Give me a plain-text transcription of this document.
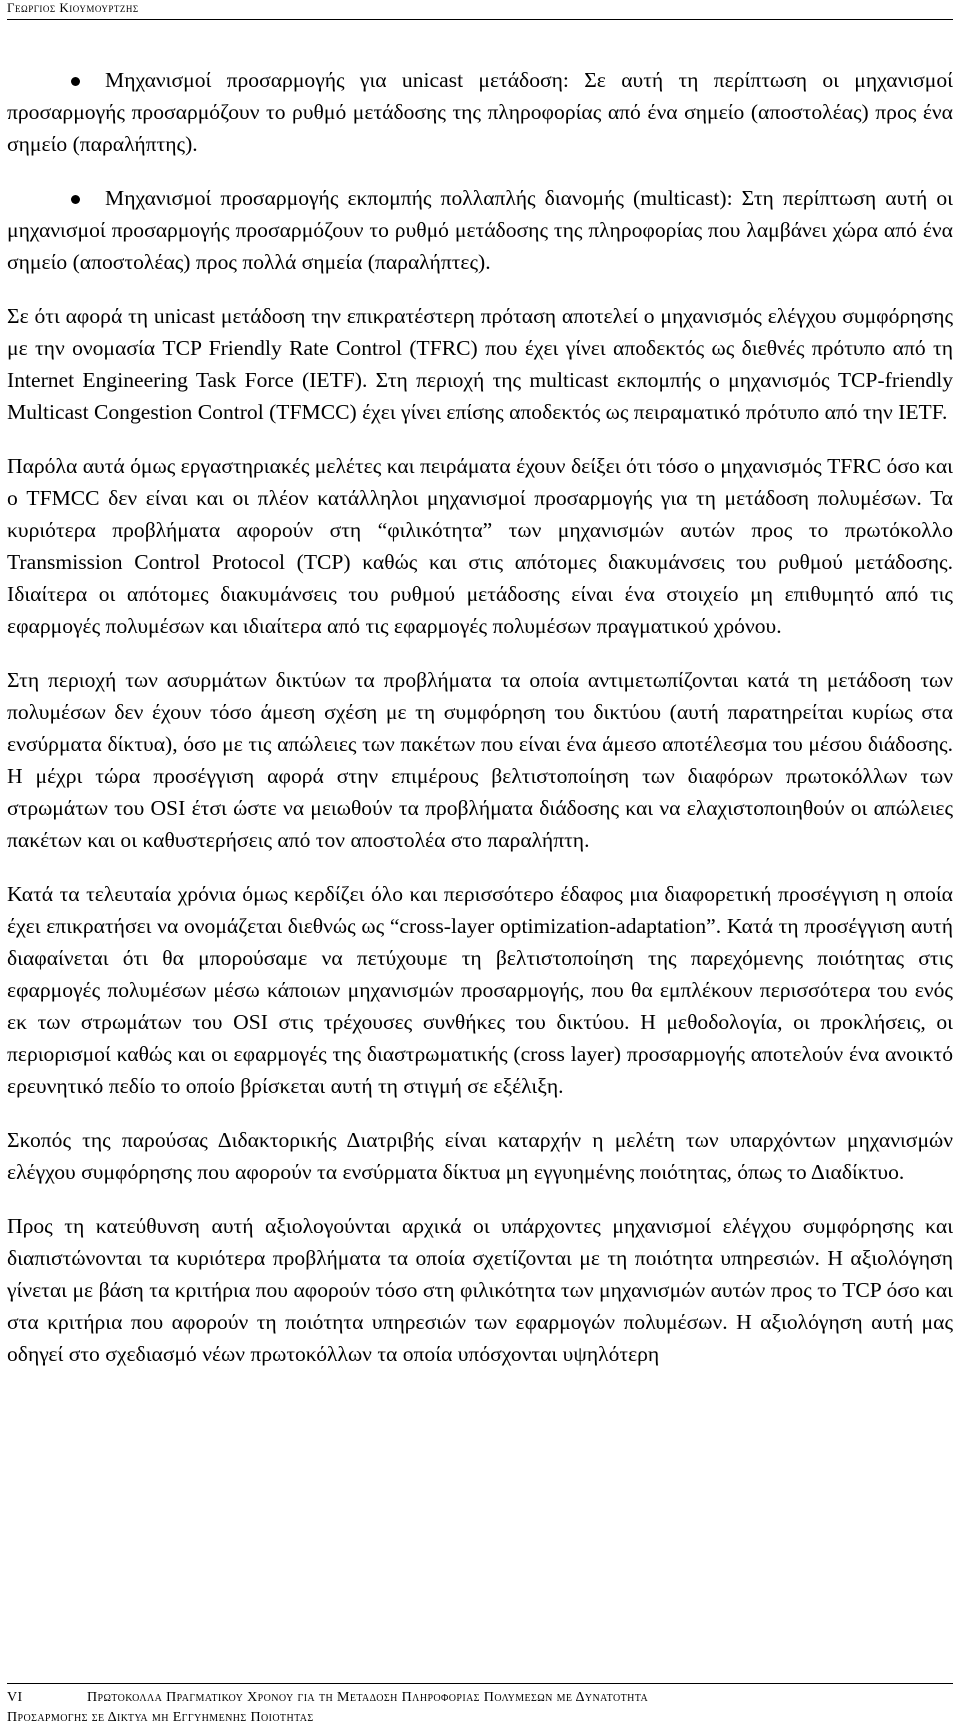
Γεωργιος Κιουμουρτζης

Μηχανισμοί προσαρμογής για unicast μετάδοση: Σε αυτή τη περίπτωση οι μηχανισμοί προσαρμογής προσαρμόζουν το ρυθμό μετάδοσης της πληροφορίας από ένα σημείο (αποστολέας) προς ένα σημείο (παραλήπτης).

Μηχανισμοί προσαρμογής εκπομπής πολλαπλής διανομής (multicast): Στη περίπτωση αυτή οι μηχανισμοί προσαρμογής προσαρμόζουν το ρυθμό μετάδοσης της πληροφορίας που λαμβάνει χώρα από ένα σημείο (αποστολέας) προς πολλά σημεία (παραλήπτες).

Σε ότι αφορά τη unicast μετάδοση την επικρατέστερη πρόταση αποτελεί ο μηχανισμός ελέγχου συμφόρησης με την ονομασία TCP Friendly Rate Control (TFRC) που έχει γίνει αποδεκτός ως διεθνές πρότυπο από τη Internet Engineering Task Force (IETF). Στη περιοχή της multicast εκπομπής ο μηχανισμός TCP-friendly Multicast Congestion Control (TFMCC) έχει γίνει επίσης αποδεκτός ως πειραματικό πρότυπο από την IETF.

Παρόλα αυτά όμως εργαστηριακές μελέτες και πειράματα έχουν δείξει ότι τόσο ο μηχανισμός TFRC όσο και ο TFMCC δεν είναι και οι πλέον κατάλληλοι μηχανισμοί προσαρμογής για τη μετάδοση πολυμέσων. Τα κυριότερα προβλήματα αφορούν στη “φιλικότητα” των μηχανισμών αυτών προς το πρωτόκολλο Transmission Control Protocol (TCP) καθώς και στις απότομες διακυμάνσεις του ρυθμού μετάδοσης. Ιδιαίτερα οι απότομες διακυμάνσεις του ρυθμού μετάδοσης είναι ένα στοιχείο μη επιθυμητό από τις εφαρμογές πολυμέσων και ιδιαίτερα από τις εφαρμογές πολυμέσων πραγματικού χρόνου.

Στη περιοχή των ασυρμάτων δικτύων τα προβλήματα τα οποία αντιμετωπίζονται κατά τη μετάδοση των πολυμέσων δεν έχουν τόσο άμεση σχέση με τη συμφόρηση του δικτύου (αυτή παρατηρείται κυρίως στα ενσύρματα δίκτυα), όσο με τις απώλειες των πακέτων που είναι ένα άμεσο αποτέλεσμα του μέσου διάδοσης. Η μέχρι τώρα προσέγγιση αφορά στην επιμέρους βελτιστοποίηση των διαφόρων πρωτοκόλλων των στρωμάτων του OSI έτσι ώστε να μειωθούν τα προβλήματα διάδοσης και να ελαχιστοποιηθούν οι απώλειες πακέτων και οι καθυστερήσεις από τον αποστολέα στο παραλήπτη.

Κατά τα τελευταία χρόνια όμως κερδίζει όλο και περισσότερο έδαφος μια διαφορετική προσέγγιση η οποία έχει επικρατήσει να ονομάζεται διεθνώς ως “cross-layer optimization-adaptation”. Κατά τη προσέγγιση αυτή διαφαίνεται ότι θα μπορούσαμε να πετύχουμε τη βελτιστοποίηση της παρεχόμενης ποιότητας στις εφαρμογές πολυμέσων μέσω κάποιων μηχανισμών προσαρμογής, που θα εμπλέκουν περισσότερα του ενός εκ των στρωμάτων του OSI στις τρέχουσες συνθήκες του δικτύου. Η μεθοδολογία, οι προκλήσεις, οι περιορισμοί καθώς και οι εφαρμογές της διαστρωματικής (cross layer) προσαρμογής αποτελούν ένα ανοικτό ερευνητικό πεδίο το οποίο βρίσκεται αυτή τη στιγμή σε εξέλιξη.

Σκοπός της παρούσας Διδακτορικής Διατριβής είναι καταρχήν η μελέτη των υπαρχόντων μηχανισμών ελέγχου συμφόρησης που αφορούν τα ενσύρματα δίκτυα μη εγγυημένης ποιότητας, όπως το Διαδίκτυο.

Προς τη κατεύθυνση αυτή αξιολογούνται αρχικά οι υπάρχοντες μηχανισμοί ελέγχου συμφόρησης και διαπιστώνονται τα κυριότερα προβλήματα τα οποία σχετίζονται με τη ποιότητα υπηρεσιών. Η αξιολόγηση γίνεται με βάση τα κριτήρια που αφορούν τόσο στη φιλικότητα των μηχανισμών αυτών προς το TCP όσο και στα κριτήρια που αφορούν τη ποιότητα υπηρεσιών των εφαρμογών πολυμέσων. Η αξιολόγηση αυτή μας οδηγεί στο σχεδιασμό νέων πρωτοκόλλων τα οποία υπόσχονται υψηλότερη

VI	Πρωτοκολλα Πραγματικου Χρονου για τη Μεταδοση Πληροφοριας Πολυμεσων με Δυνατοτητα
Προσαρμογης σε Δικτυα μη Εγγυημενης Ποιοτητας
